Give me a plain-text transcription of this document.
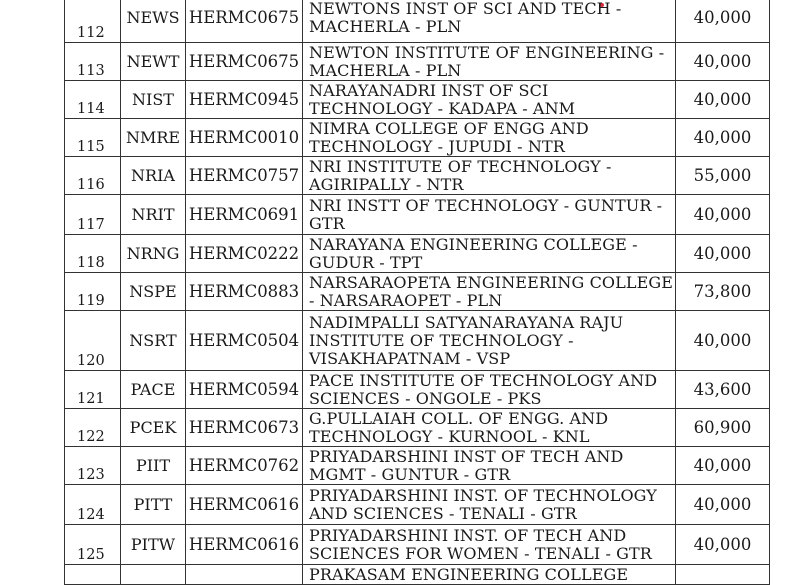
112	NEWS	HERMC0675	NEWTONS INST OF SCI AND TECH - MACHERLA - PLN	40,000
113	NEWT	HERMC0675	NEWTON INSTITUTE OF ENGINEERING - MACHERLA - PLN	40,000
114	NIST	HERMC0945	NARAYANADRI INST OF SCI TECHNOLOGY - KADAPA - ANM	40,000
115	NMRE	HERMC0010	NIMRA COLLEGE OF ENGG AND TECHNOLOGY - JUPUDI - NTR	40,000
116	NRIA	HERMC0757	NRI INSTITUTE OF TECHNOLOGY - AGIRIPALLY - NTR	55,000
117	NRIT	HERMC0691	NRI INSTT OF TECHNOLOGY - GUNTUR - GTR	40,000
118	NRNG	HERMC0222	NARAYANA ENGINEERING COLLEGE - GUDUR - TPT	40,000
119	NSPE	HERMC0883	NARSARAOPETA ENGINEERING COLLEGE - NARSARAOPET - PLN	73,800
120	NSRT	HERMC0504	NADIMPALLI SATYANARAYANA RAJU INSTITUTE OF TECHNOLOGY - VISAKHAPATNAM - VSP	40,000
121	PACE	HERMC0594	PACE INSTITUTE OF TECHNOLOGY AND SCIENCES - ONGOLE - PKS	43,600
122	PCEK	HERMC0673	G.PULLAIAH COLL. OF ENGG. AND TECHNOLOGY - KURNOOL - KNL	60,900
123	PIIT	HERMC0762	PRIYADARSHINI INST OF TECH AND MGMT - GUNTUR - GTR	40,000
124	PITT	HERMC0616	PRIYADARSHINI INST. OF TECHNOLOGY AND SCIENCES - TENALI - GTR	40,000
125	PITW	HERMC0616	PRIYADARSHINI INST. OF TECH AND SCIENCES FOR WOMEN - TENALI - GTR	40,000
			PRAKASAM ENGINEERING COLLEGE	
